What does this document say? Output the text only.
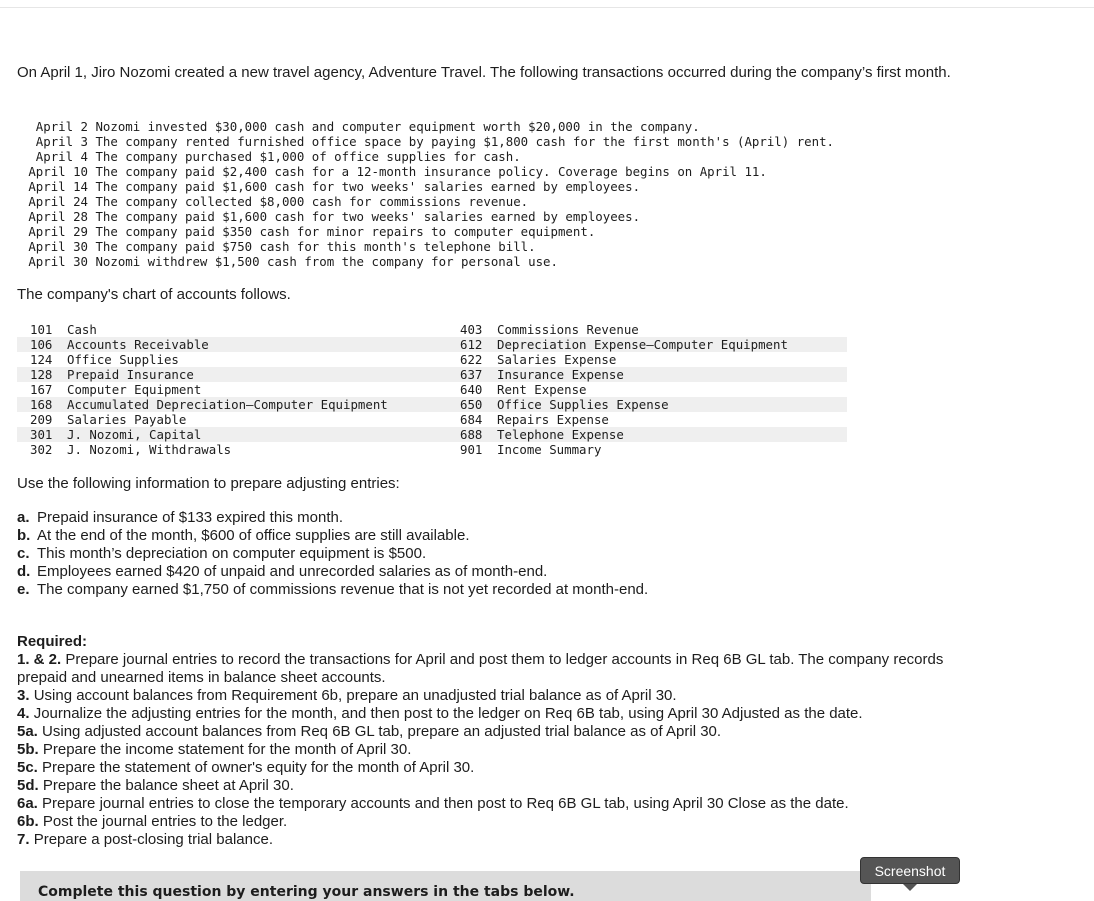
On April 1, Jiro Nozomi created a new travel agency, Adventure Travel. The following transactions occurred during the company’s first month.
April 2 Nozomi invested $30,000 cash and computer equipment worth $20,000 in the company.
April 3 The company rented furnished office space by paying $1,800 cash for the first month's (April) rent.
April 4 The company purchased $1,000 of office supplies for cash.
April 10 The company paid $2,400 cash for a 12-month insurance policy. Coverage begins on April 11.
April 14 The company paid $1,600 cash for two weeks' salaries earned by employees.
April 24 The company collected $8,000 cash for commissions revenue.
April 28 The company paid $1,600 cash for two weeks' salaries earned by employees.
April 29 The company paid $350 cash for minor repairs to computer equipment.
April 30 The company paid $750 cash for this month's telephone bill.
April 30 Nozomi withdrew $1,500 cash from the company for personal use.
The company's chart of accounts follows.
101	Cash	403 Commissions Revenue
106	Accounts Receivable	612 Depreciation Expense—Computer Equipment
124	Office Supplies	622 Salaries Expense
128	Prepaid Insurance	637 Insurance Expense
167	Computer Equipment	640 Rent Expense
168	Accumulated Depreciation—Computer Equipment	650 Office Supplies Expense
209	Salaries Payable	684 Repairs Expense
301	J. Nozomi, Capital	688 Telephone Expense
302	J. Nozomi, Withdrawals	901 Income Summary
Use the following information to prepare adjusting entries:
a. Prepaid insurance of $133 expired this month.
b. At the end of the month, $600 of office supplies are still available.
c. This month’s depreciation on computer equipment is $500.
d. Employees earned $420 of unpaid and unrecorded salaries as of month-end.
e. The company earned $1,750 of commissions revenue that is not yet recorded at month-end.
Required:
1. & 2. Prepare journal entries to record the transactions for April and post them to ledger accounts in Req 6B GL tab. The company records prepaid and unearned items in balance sheet accounts.
3. Using account balances from Requirement 6b, prepare an unadjusted trial balance as of April 30.
4. Journalize the adjusting entries for the month, and then post to the ledger on Req 6B tab, using April 30 Adjusted as the date.
5a. Using adjusted account balances from Req 6B GL tab, prepare an adjusted trial balance as of April 30.
5b. Prepare the income statement for the month of April 30.
5c. Prepare the statement of owner's equity for the month of April 30.
5d. Prepare the balance sheet at April 30.
6a. Prepare journal entries to close the temporary accounts and then post to Req 6B GL tab, using April 30 Close as the date.
6b. Post the journal entries to the ledger.
7. Prepare a post-closing trial balance.
Complete this question by entering your answers in the tabs below.
Screenshot
